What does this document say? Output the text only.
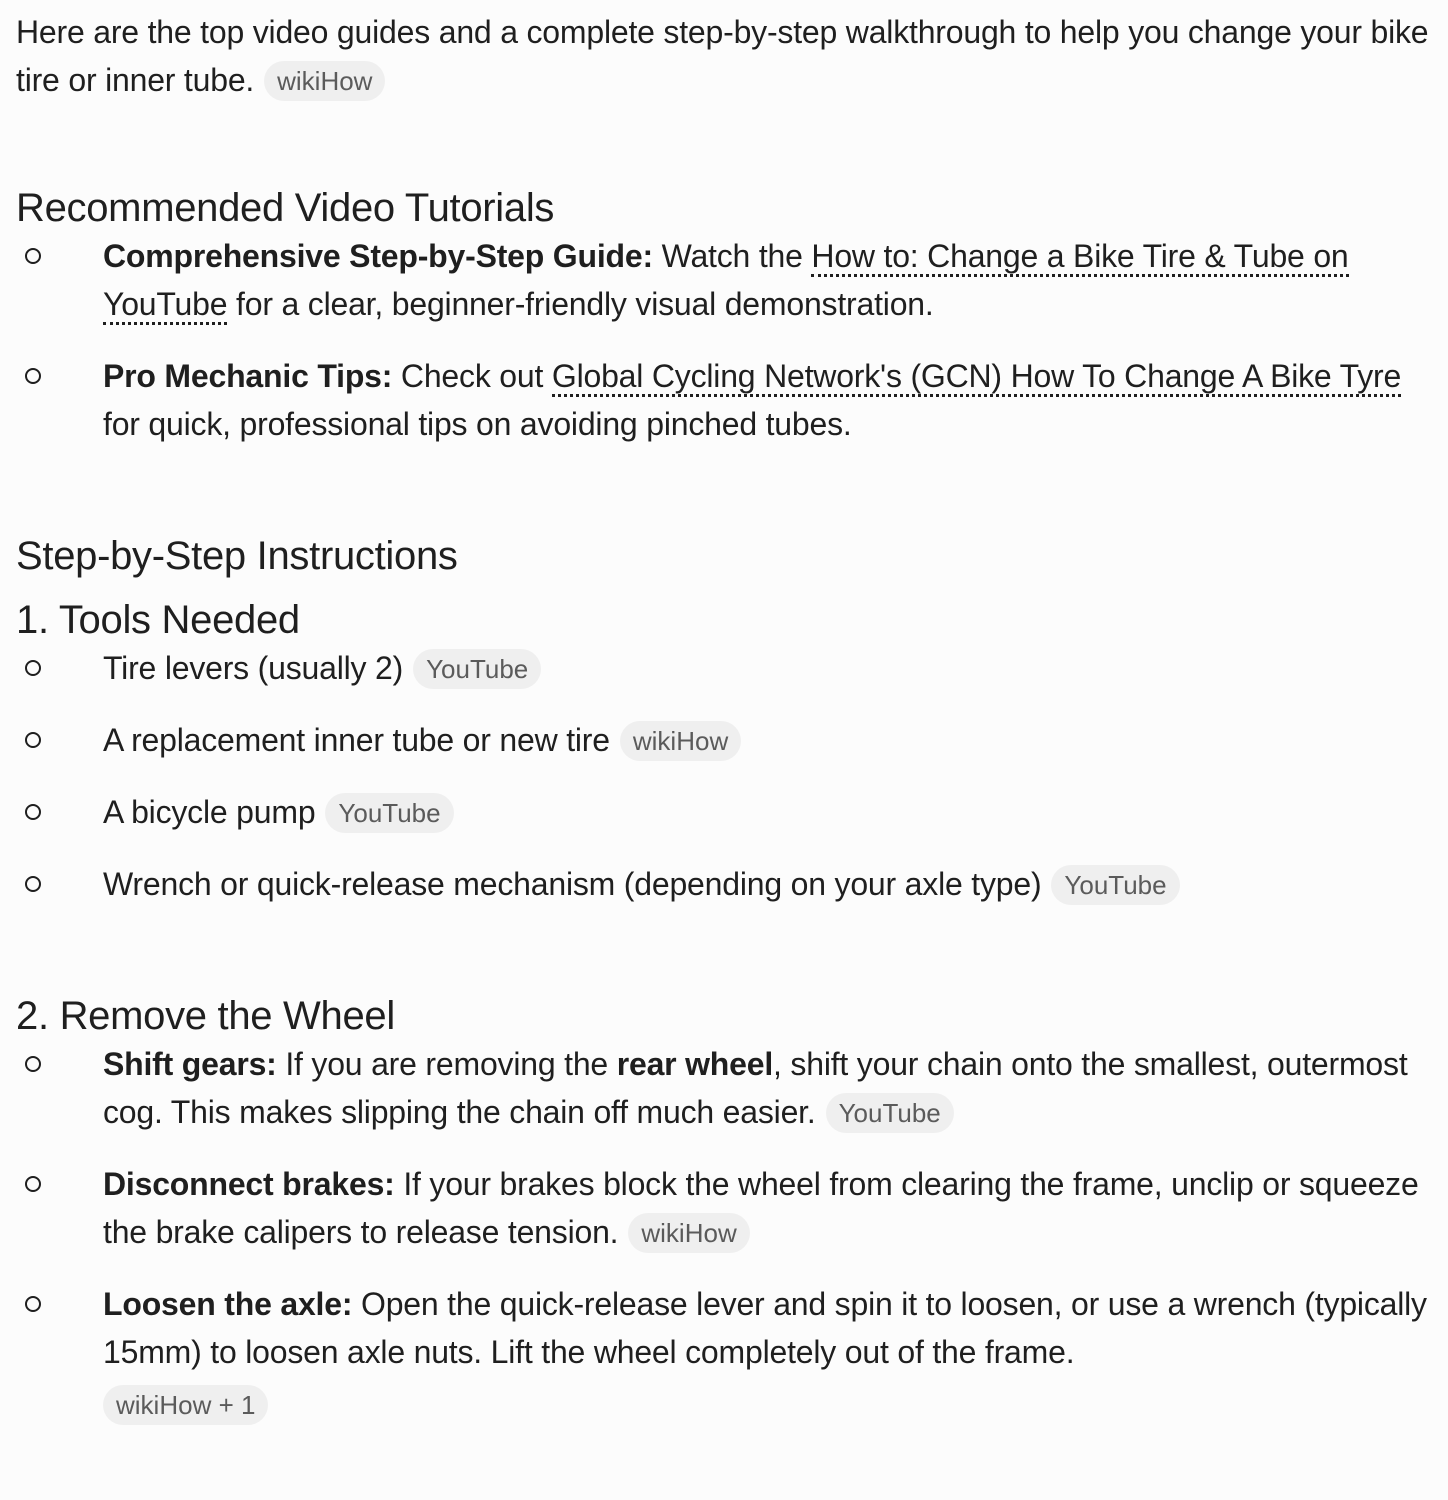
Here are the top video guides and a complete step-by-step walkthrough to help you change your bike tire or inner tube. wikiHow

Recommended Video Tutorials
Comprehensive Step-by-Step Guide: Watch the How to: Change a Bike Tire & Tube on YouTube for a clear, beginner-friendly visual demonstration.
Pro Mechanic Tips: Check out Global Cycling Network's (GCN) How To Change A Bike Tyre for quick, professional tips on avoiding pinched tubes.
Step-by-Step Instructions
1. Tools Needed
Tire levers (usually 2) YouTube
A replacement inner tube or new tire wikiHow
A bicycle pump YouTube
Wrench or quick-release mechanism (depending on your axle type) YouTube
2. Remove the Wheel
Shift gears: If you are removing the rear wheel, shift your chain onto the smallest, outermost cog. This makes slipping the chain off much easier. YouTube
Disconnect brakes: If your brakes block the wheel from clearing the frame, unclip or squeeze the brake calipers to release tension. wikiHow
Loosen the axle: Open the quick-release lever and spin it to loosen, or use a wrench (typically 15mm) to loosen axle nuts. Lift the wheel completely out of the frame.
wikiHow + 1
